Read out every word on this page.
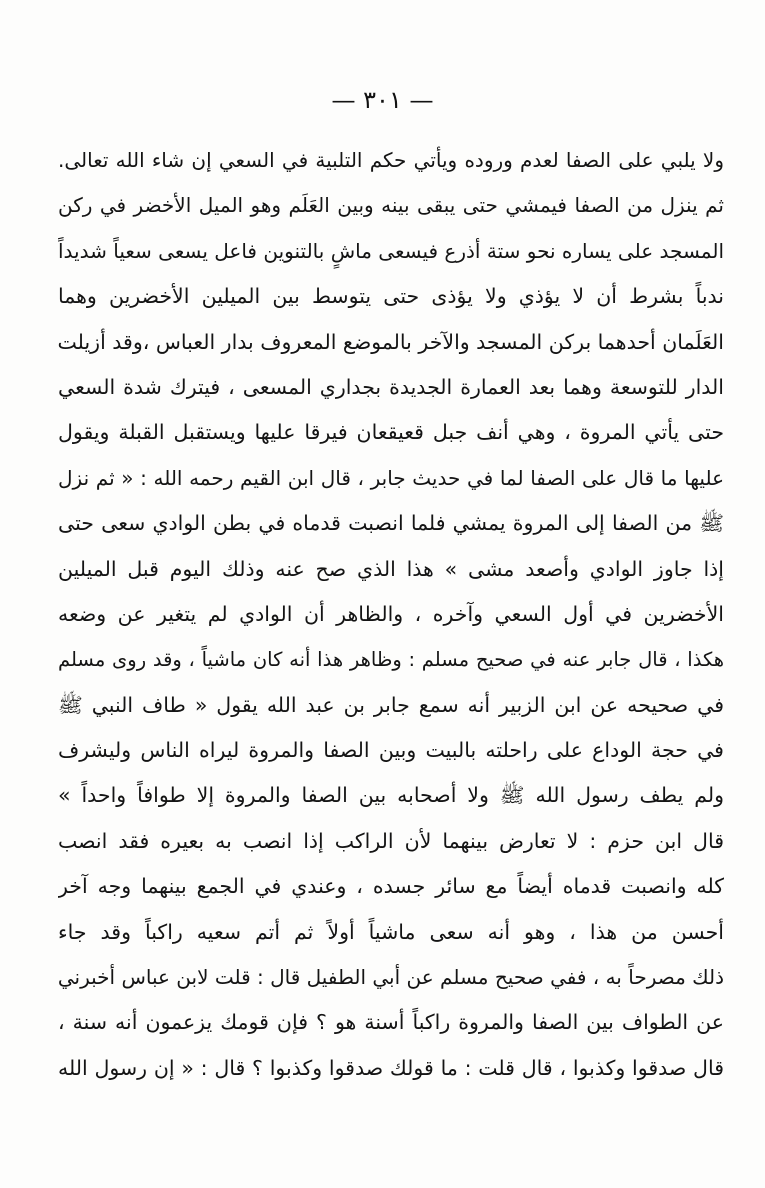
— ٣٠١ —
ولا يلبي على الصفا لعدم وروده ويأتي حكم التلبية في السعي إن شاء الله تعالى.
ثم ينزل من الصفا فيمشي حتى يبقى بينه وبين العَلَم وهو الميل الأخضر في ركن
المسجد على يساره نحو ستة أذرع فيسعى ماشٍ بالتنوين فاعل يسعى سعياً شديداً
ندباً بشرط أن لا يؤذي ولا يؤذى حتى يتوسط بين الميلين الأخضرين وهما
العَلَمان أحدهما بركن المسجد والآخر بالموضع المعروف بدار العباس ،وقد أزيلت
الدار للتوسعة وهما بعد العمارة الجديدة بجداري المسعى ، فيترك شدة السعي
حتى يأتي المروة ، وهي أنف جبل قعيقعان فيرقا عليها ويستقبل القبلة ويقول
عليها ما قال على الصفا لما في حديث جابر ، قال ابن القيم رحمه الله : « ثم نزل
ﷺ من الصفا إلى المروة يمشي فلما انصبت قدماه في بطن الوادي سعى حتى
إذا جاوز الوادي وأصعد مشى » هذا الذي صح عنه وذلك اليوم قبل الميلين
الأخضرين في أول السعي وآخره ، والظاهر أن الوادي لم يتغير عن وضعه
هكذا ، قال جابر عنه في صحيح مسلم : وظاهر هذا أنه كان ماشياً ، وقد روى مسلم
في صحيحه عن ابن الزبير أنه سمع جابر بن عبد الله يقول « طاف النبي ﷺ
في حجة الوداع على راحلته بالبيت وبين الصفا والمروة ليراه الناس وليشرف
ولم يطف رسول الله ﷺ ولا أصحابه بين الصفا والمروة إلا طوافاً واحداً »
قال ابن حزم : لا تعارض بينهما لأن الراكب إذا انصب به بعيره فقد انصب
كله وانصبت قدماه أيضاً مع سائر جسده ، وعندي في الجمع بينهما وجه آخر
أحسن من هذا ، وهو أنه سعى ماشياً أولاً ثم أتم سعيه راكباً وقد جاء
ذلك مصرحاً به ، ففي صحيح مسلم عن أبي الطفيل قال : قلت لابن عباس أخبرني
عن الطواف بين الصفا والمروة راكباً أسنة هو ؟ فإن قومك يزعمون أنه سنة ،
قال صدقوا وكذبوا ، قال قلت : ما قولك صدقوا وكذبوا ؟ قال : « إن رسول الله
